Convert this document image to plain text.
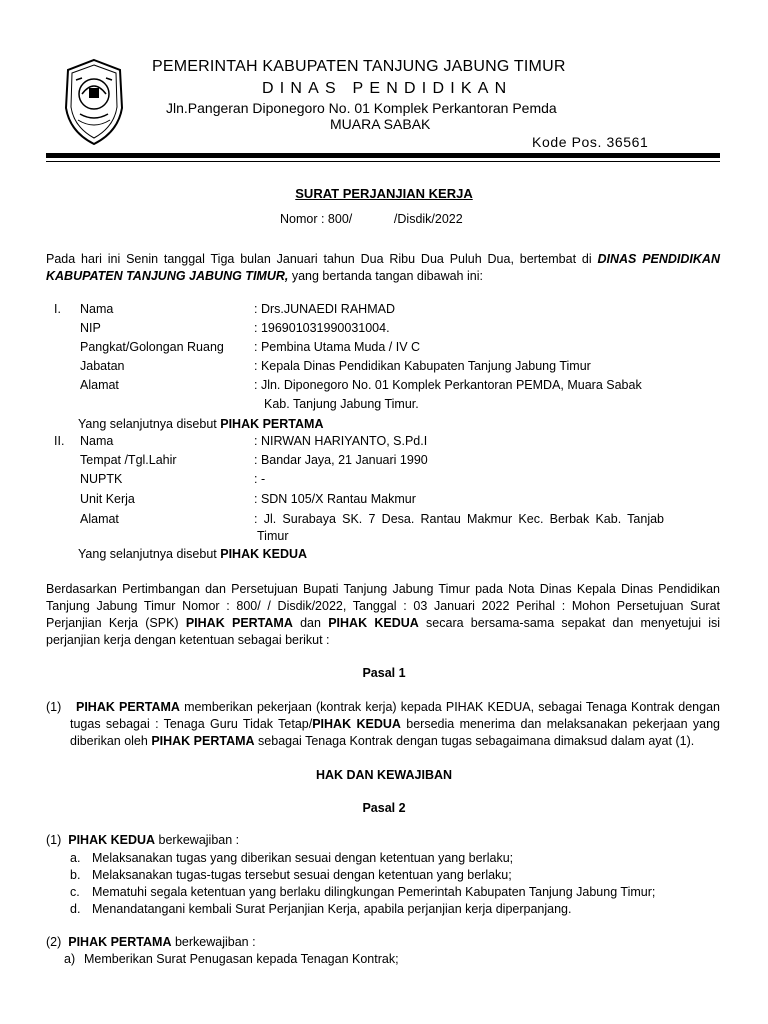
PEMERINTAH KABUPATEN TANJUNG JABUNG TIMUR
DINAS PENDIDIKAN
Jln.Pangeran Diponegoro No. 01 Komplek Perkantoran Pemda
MUARA SABAK
Kode Pos. 36561
SURAT PERJANJIAN KERJA
Nomor : 800/            /Disdik/2022
Pada hari ini Senin tanggal Tiga bulan Januari tahun Dua Ribu Dua Puluh Dua, bertembat di DINAS PENDIDIKAN KABUPATEN TANJUNG JABUNG TIMUR, yang bertanda tangan dibawah ini:
I. Nama	: Drs.JUNAEDI RAHMAD
NIP	: 196901031990031004.
Pangkat/Golongan Ruang : Pembina Utama Muda / IV C
Jabatan	: Kepala Dinas Pendidikan Kabupaten Tanjung Jabung Timur
Alamat	: Jln. Diponegoro No. 01 Komplek Perkantoran PEMDA, Muara Sabak
Kab. Tanjung Jabung Timur.
Yang selanjutnya disebut PIHAK PERTAMA
II. Nama	: NIRWAN HARIYANTO, S.Pd.I
Tempat /Tgl.Lahir	: Bandar Jaya, 21 Januari 1990
NUPTK	: -
Unit Kerja	: SDN 105/X Rantau Makmur
Alamat	: Jl. Surabaya SK. 7 Desa. Rantau Makmur Kec. Berbak Kab. Tanjab
Timur
Yang selanjutnya disebut PIHAK KEDUA
Berdasarkan Pertimbangan dan Persetujuan Bupati Tanjung Jabung Timur pada Nota Dinas Kepala Dinas Pendidikan Tanjung Jabung Timur Nomor : 800/ / Disdik/2022, Tanggal : 03 Januari 2022 Perihal : Mohon Persetujuan Surat Perjanjian Kerja (SPK) PIHAK PERTAMA dan PIHAK KEDUA secara bersama-sama sepakat dan menyetujui isi perjanjian kerja dengan ketentuan sebagai berikut :
Pasal 1
(1)	PIHAK PERTAMA memberikan pekerjaan (kontrak kerja) kepada PIHAK KEDUA, sebagai Tenaga Kontrak dengan tugas sebagai : Tenaga Guru Tidak Tetap/PIHAK KEDUA bersedia menerima dan melaksanakan pekerjaan yang diberikan oleh PIHAK PERTAMA sebagai Tenaga Kontrak dengan tugas sebagaimana dimaksud dalam ayat (1).
HAK DAN KEWAJIBAN
Pasal 2
(1) PIHAK KEDUA berkewajiban :
a. Melaksanakan tugas yang diberikan sesuai dengan ketentuan yang berlaku;
b. Melaksanakan tugas-tugas tersebut sesuai dengan ketentuan yang berlaku;
c. Mematuhi segala ketentuan yang berlaku dilingkungan Pemerintah Kabupaten Tanjung Jabung Timur;
d. Menandatangani kembali Surat Perjanjian Kerja, apabila perjanjian kerja diperpanjang.
(2) PIHAK PERTAMA berkewajiban :
a) Memberikan Surat Penugasan kepada Tenagan Kontrak;
